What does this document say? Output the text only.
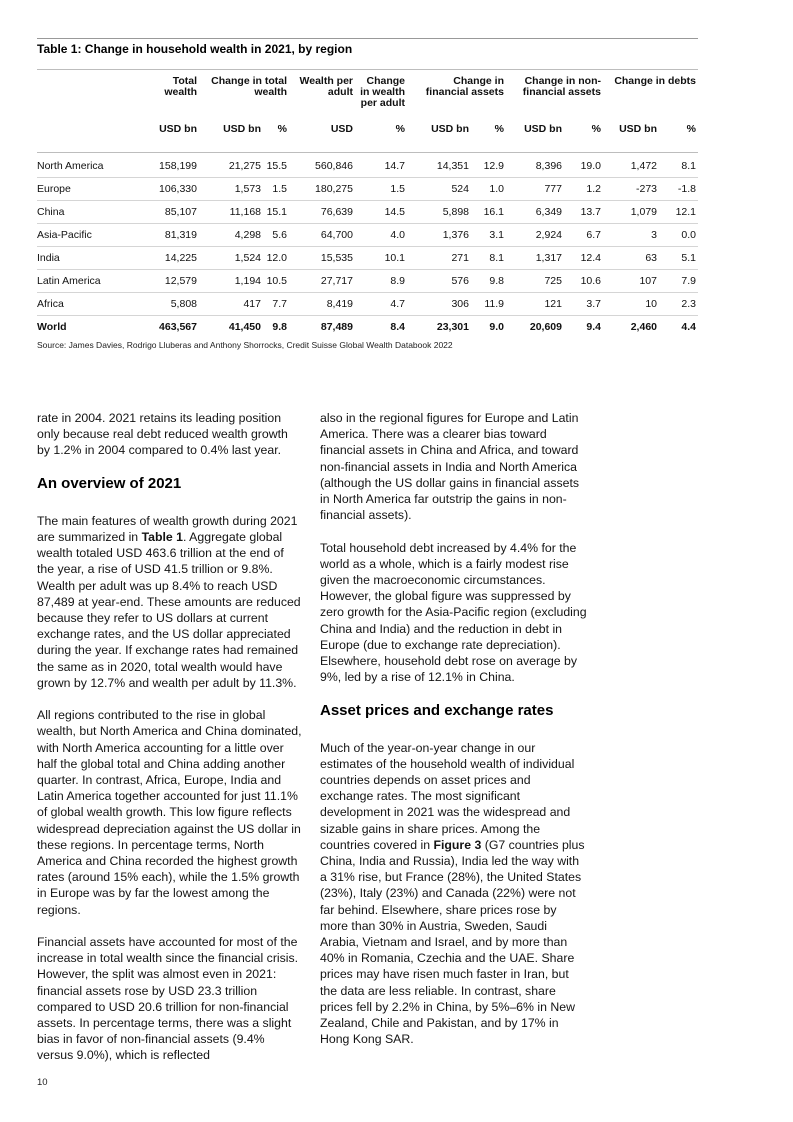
Table 1: Change in household wealth in 2021, by region
	Total wealth	Change in total wealth		Wealth per adult	Change in wealth per adult	Change in financial assets		Change in non-financial assets		Change in debts	
	USD bn	USD bn	%	USD	%	USD bn	%	USD bn	%	USD bn	%
North America	158,199	21,275	15.5	560,846	14.7	14,351	12.9	8,396	19.0	1,472	8.1
Europe	106,330	1,573	1.5	180,275	1.5	524	1.0	777	1.2	-273	-1.8
China	85,107	11,168	15.1	76,639	14.5	5,898	16.1	6,349	13.7	1,079	12.1
Asia-Pacific	81,319	4,298	5.6	64,700	4.0	1,376	3.1	2,924	6.7	3	0.0
India	14,225	1,524	12.0	15,535	10.1	271	8.1	1,317	12.4	63	5.1
Latin America	12,579	1,194	10.5	27,717	8.9	576	9.8	725	10.6	107	7.9
Africa	5,808	417	7.7	8,419	4.7	306	11.9	121	3.7	10	2.3
World	463,567	41,450	9.8	87,489	8.4	23,301	9.0	20,609	9.4	2,460	4.4
Source: James Davies, Rodrigo Lluberas and Anthony Shorrocks, Credit Suisse Global Wealth Databook 2022

rate in 2004. 2021 retains its leading position only because real debt reduced wealth growth by 1.2% in 2004 compared to 0.4% last year.

An overview of 2021

The main features of wealth growth during 2021 are summarized in Table 1. Aggregate global wealth totaled USD 463.6 trillion at the end of the year, a rise of USD 41.5 trillion or 9.8%. Wealth per adult was up 8.4% to reach USD 87,489 at year-end. These amounts are reduced because they refer to US dollars at current exchange rates, and the US dollar appreciated during the year. If exchange rates had remained the same as in 2020, total wealth would have grown by 12.7% and wealth per adult by 11.3%.

All regions contributed to the rise in global wealth, but North America and China dominated, with North America accounting for a little over half the global total and China adding another quarter. In contrast, Africa, Europe, India and Latin America together accounted for just 11.1% of global wealth growth. This low figure reflects widespread depreciation against the US dollar in these regions. In percentage terms, North America and China recorded the highest growth rates (around 15% each), while the 1.5% growth in Europe was by far the lowest among the regions.

Financial assets have accounted for most of the increase in total wealth since the financial crisis. However, the split was almost even in 2021: financial assets rose by USD 23.3 trillion compared to USD 20.6 trillion for non-financial assets. In percentage terms, there was a slight bias in favor of non-financial assets (9.4% versus 9.0%), which is reflected

also in the regional figures for Europe and Latin America. There was a clearer bias toward financial assets in China and Africa, and toward non-financial assets in India and North America (although the US dollar gains in financial assets in North America far outstrip the gains in non-financial assets).

Total household debt increased by 4.4% for the world as a whole, which is a fairly modest rise given the macroeconomic circumstances. However, the global figure was suppressed by zero growth for the Asia-Pacific region (excluding China and India) and the reduction in debt in Europe (due to exchange rate depreciation). Elsewhere, household debt rose on average by 9%, led by a rise of 12.1% in China.

Asset prices and exchange rates

Much of the year-on-year change in our estimates of the household wealth of individual countries depends on asset prices and exchange rates. The most significant development in 2021 was the widespread and sizable gains in share prices. Among the countries covered in Figure 3 (G7 countries plus China, India and Russia), India led the way with a 31% rise, but France (28%), the United States (23%), Italy (23%) and Canada (22%) were not far behind. Elsewhere, share prices rose by more than 30% in Austria, Sweden, Saudi Arabia, Vietnam and Israel, and by more than 40% in Romania, Czechia and the UAE. Share prices may have risen much faster in Iran, but the data are less reliable. In contrast, share prices fell by 2.2% in China, by 5%–6% in New Zealand, Chile and Pakistan, and by 17% in Hong Kong SAR.

10
